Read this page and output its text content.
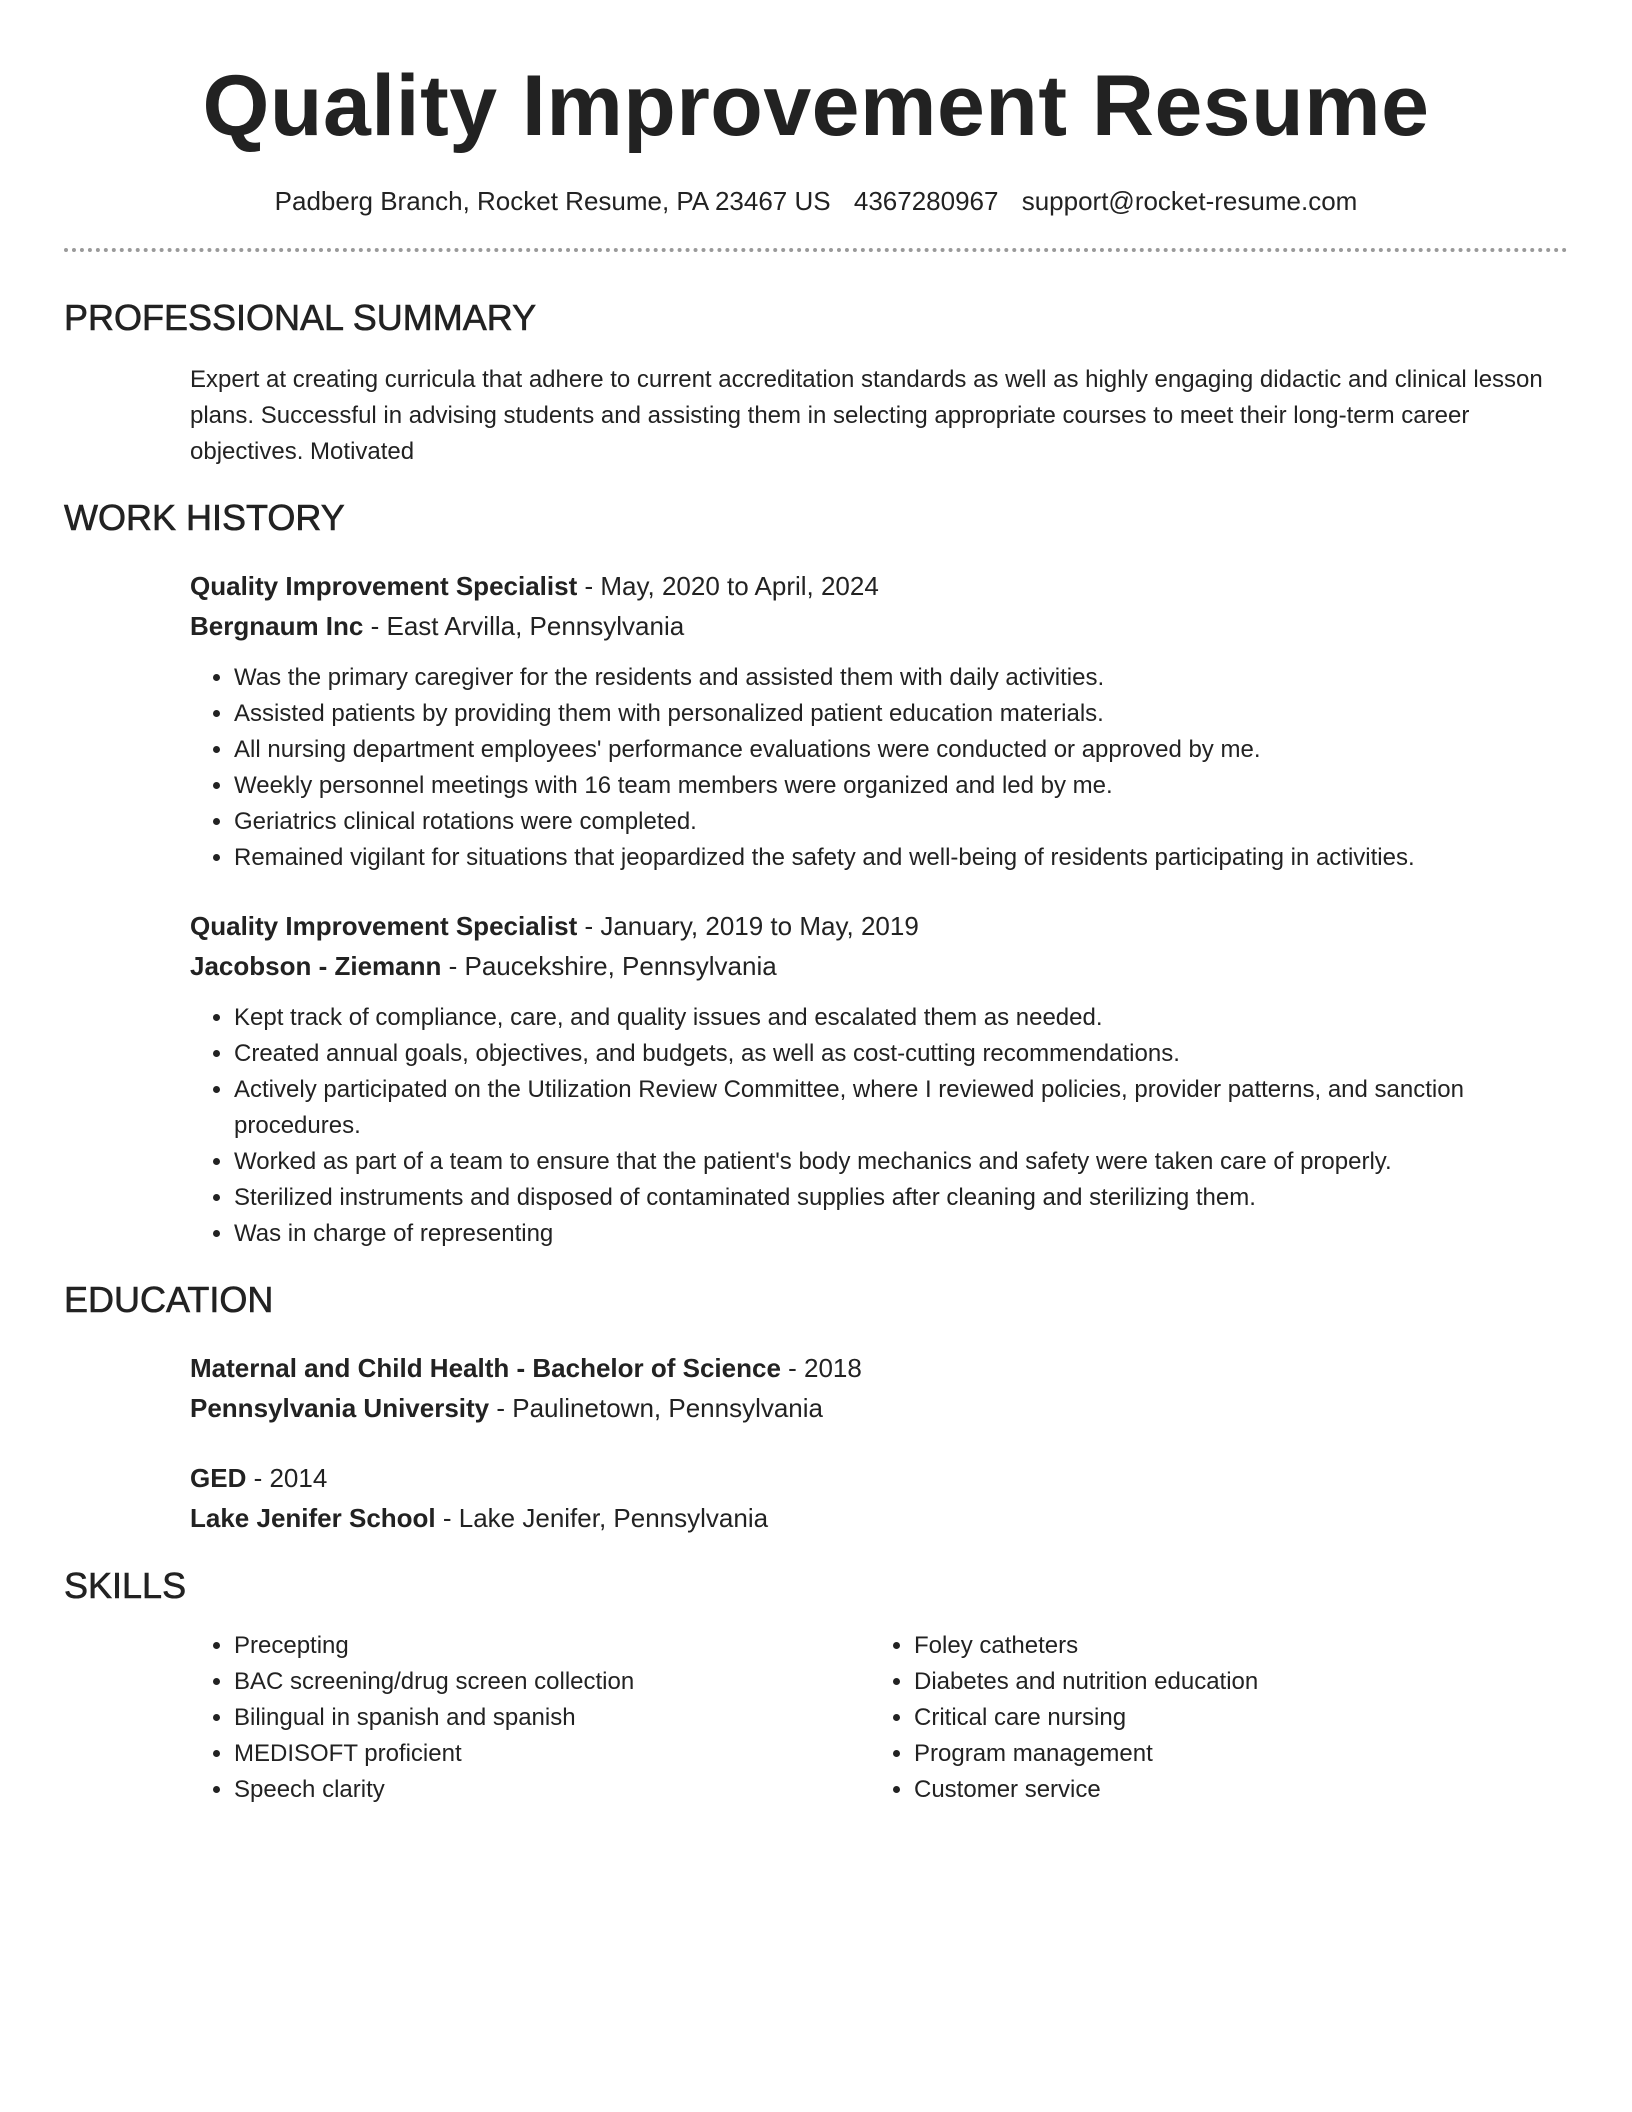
Quality Improvement Resume
Padberg Branch, Rocket Resume, PA 23467 US 4367280967 support@rocket-resume.com
PROFESSIONAL SUMMARY

Expert at creating curricula that adhere to current accreditation standards as well as highly engaging didactic and clinical lesson plans. Successful in advising students and assisting them in selecting appropriate courses to meet their long-term career objectives. Motivated

WORK HISTORY
Quality Improvement Specialist - May, 2020 to April, 2024
Bergnaum Inc - East Arvilla, Pennsylvania
• Was the primary caregiver for the residents and assisted them with daily activities.
• Assisted patients by providing them with personalized patient education materials.
• All nursing department employees' performance evaluations were conducted or approved by me.
• Weekly personnel meetings with 16 team members were organized and led by me.
• Geriatrics clinical rotations were completed.
• Remained vigilant for situations that jeopardized the safety and well-being of residents participating in activities.
Quality Improvement Specialist - January, 2019 to May, 2019
Jacobson - Ziemann - Paucekshire, Pennsylvania
• Kept track of compliance, care, and quality issues and escalated them as needed.
• Created annual goals, objectives, and budgets, as well as cost-cutting recommendations.
• Actively participated on the Utilization Review Committee, where I reviewed policies, provider patterns, and sanction procedures.
• Worked as part of a team to ensure that the patient's body mechanics and safety were taken care of properly.
• Sterilized instruments and disposed of contaminated supplies after cleaning and sterilizing them.
• Was in charge of representing
EDUCATION
Maternal and Child Health - Bachelor of Science - 2018
Pennsylvania University - Paulinetown, Pennsylvania
GED - 2014
Lake Jenifer School - Lake Jenifer, Pennsylvania
SKILLS
• Precepting
• BAC screening/drug screen collection
• Bilingual in spanish and spanish
• MEDISOFT proficient
• Speech clarity
• Foley catheters
• Diabetes and nutrition education
• Critical care nursing
• Program management
• Customer service
